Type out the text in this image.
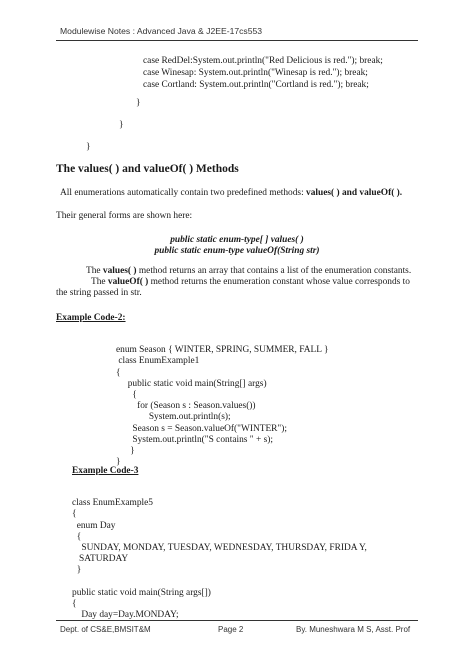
Modulewise Notes : Advanced Java & J2EE-17cs553
case RedDel:System.out.println("Red Delicious is red."); break;
case Winesap: System.out.println("Winesap is red."); break;
case Cortland: System.out.println("Cortland is red."); break;
}
}
}
The values( ) and valueOf( ) Methods
All enumerations automatically contain two predefined methods: values( ) and valueOf( ).
Their general forms are shown here:
public static enum-type[ ] values( )
public static enum-type valueOf(String str)
The values( ) method returns an array that contains a list of the enumeration constants.
The valueOf( ) method returns the enumeration constant whose value corresponds to
the string passed in str.
Example Code-2:

enum Season { WINTER, SPRING, SUMMER, FALL }
class EnumExample1
{
public static void main(String[] args)
{
for (Season s : Season.values())
System.out.println(s);
Season s = Season.valueOf("WINTER");
System.out.println("S contains " + s);
}
}
Example Code-3

class EnumExample5
{
enum Day
{
SUNDAY, MONDAY, TUESDAY, WEDNESDAY, THURSDAY, FRIDA Y,
SATURDAY
}

public static void main(String args[])
{
Day day=Day.MONDAY;
Dept. of CS&E,BMSIT&M	Page 2	By. Muneshwara M S, Asst. Prof
